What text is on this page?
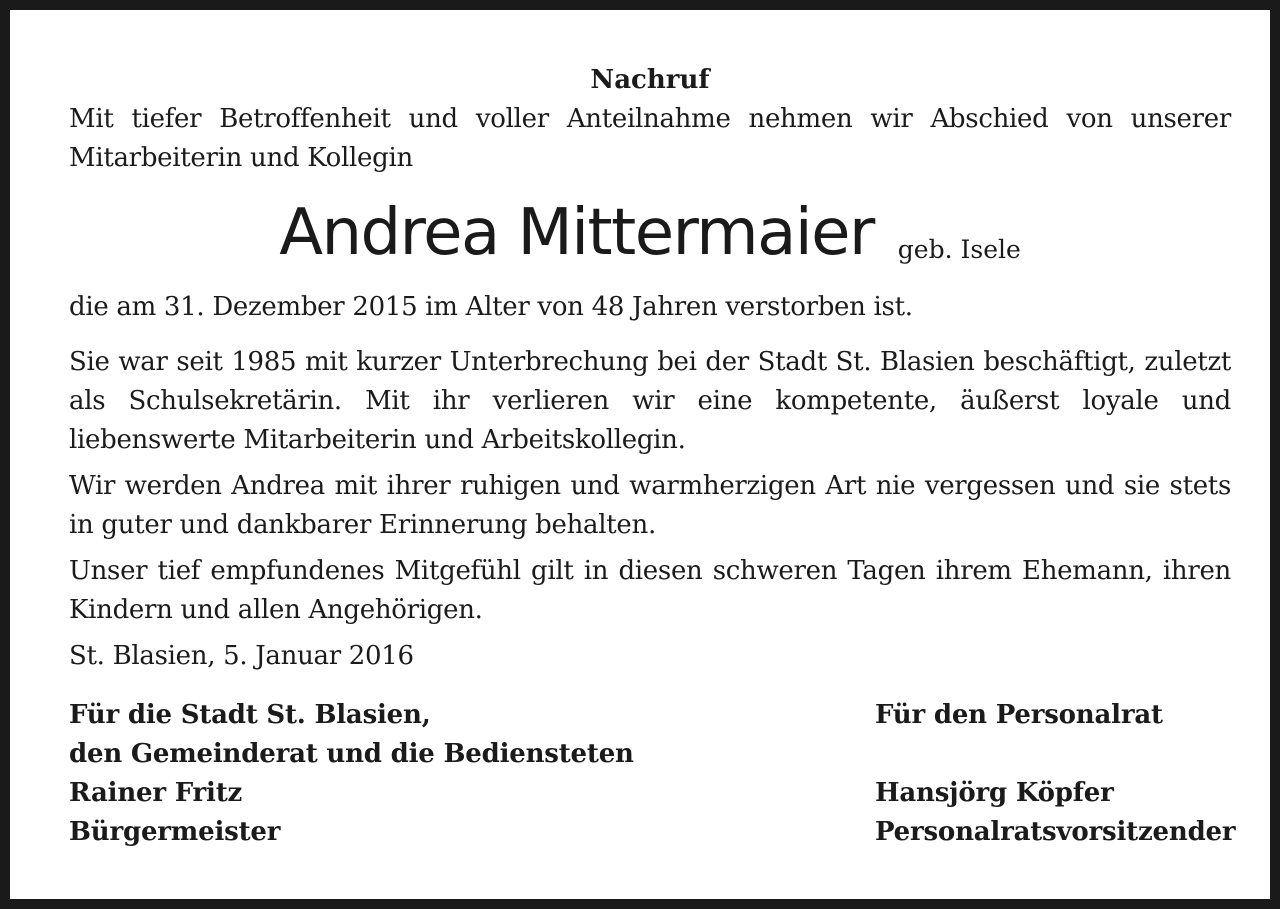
Nachruf

Mit tiefer Betroffenheit und voller Anteilnahme nehmen wir Abschied von unserer Mitarbeiterin und Kollegin

Andrea Mittermaier geb. Isele

die am 31. Dezember 2015 im Alter von 48 Jahren verstorben ist.

Sie war seit 1985 mit kurzer Unterbrechung bei der Stadt St. Blasien beschäftigt, zuletzt als Schulsekretärin. Mit ihr verlieren wir eine kompetente, äußerst loyale und liebenswerte Mitarbeiterin und Arbeitskollegin.

Wir werden Andrea mit ihrer ruhigen und warmherzigen Art nie vergessen und sie stets in guter und dankbarer Erinnerung behalten.

Unser tief empfundenes Mitgefühl gilt in diesen schweren Tagen ihrem Ehemann, ihren Kindern und allen Angehörigen.

St. Blasien, 5. Januar 2016

Für die Stadt St. Blasien,
den Gemeinderat und die Bediensteten
Rainer Fritz
Bürgermeister
Für den Personalrat

Hansjörg Köpfer
Personalratsvorsitzender
